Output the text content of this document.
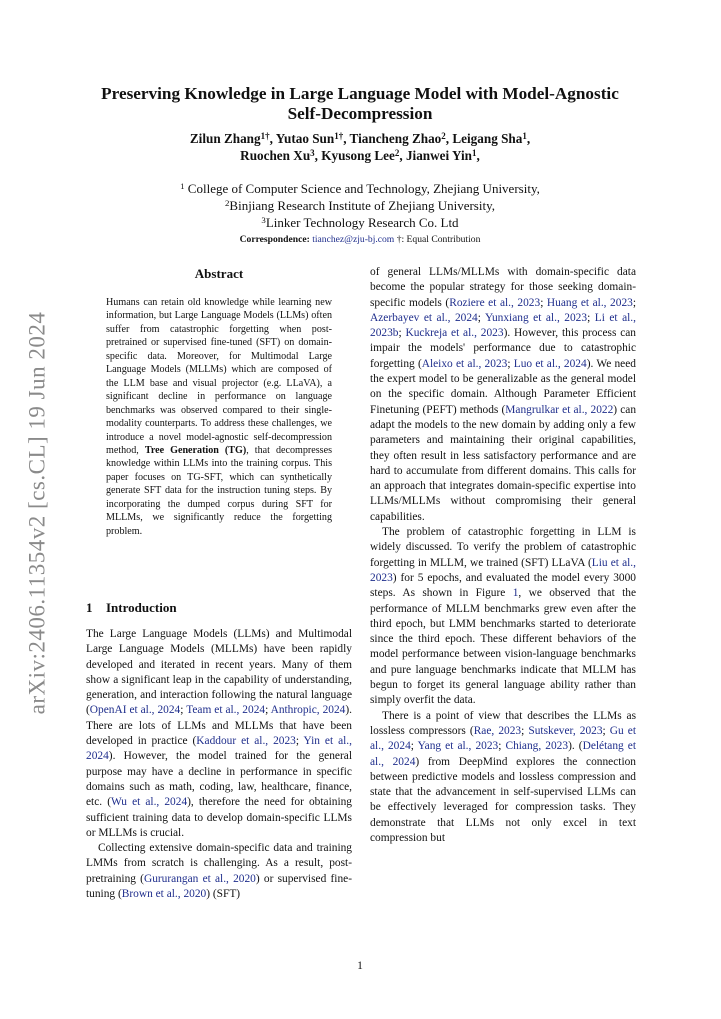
arXiv:2406.11354v2 [cs.CL] 19 Jun 2024
Preserving Knowledge in Large Language Model with Model-Agnostic
Self-Decompression
Zilun Zhang$^{1\dagger}$, Yutao Sun$^{1\dagger}$, Tiancheng Zhao$^2$, Leigang Sha$^1$,
Ruochen Xu$^3$, Kyusong Lee$^2$, Jianwei Yin$^1$,
$^1$ College of Computer Science and Technology, Zhejiang University,
$^2$Binjiang Research Institute of Zhejiang University,
$^3$Linker Technology Research Co. Ltd
Correspondence: tianchez@zju-bj.com †: Equal Contribution
Abstract
Humans can retain old knowledge while learning new information, but Large Language Models (LLMs) often suffer from catastrophic forgetting when post-pretrained or supervised fine-tuned (SFT) on domain-specific data. Moreover, for Multimodal Large Language Models (MLLMs) which are composed of the LLM base and visual projector (e.g. LLaVA), a significant decline in performance on language benchmarks was observed compared to their single-modality counterparts. To address these challenges, we introduce a novel model-agnostic self-decompression method, Tree Generation (TG), that decompresses knowledge within LLMs into the training corpus. This paper focuses on TG-SFT, which can synthetically generate SFT data for the instruction tuning steps. By incorporating the dumped corpus during SFT for MLLMs, we significantly reduce the forgetting problem.
1 Introduction

The Large Language Models (LLMs) and Multimodal Large Language Models (MLLMs) have been rapidly developed and iterated in recent years. Many of them show a significant leap in the capability of understanding, generation, and interaction following the natural language (OpenAI et al., 2024; Team et al., 2024; Anthropic, 2024). There are lots of LLMs and MLLMs that have been developed in practice (Kaddour et al., 2023; Yin et al., 2024). However, the model trained for the general purpose may have a decline in performance in specific domains such as math, coding, law, healthcare, finance, etc. (Wu et al., 2024), therefore the need for obtaining sufficient training data to develop domain-specific LLMs or MLLMs is crucial.

Collecting extensive domain-specific data and training LMMs from scratch is challenging. As a result, post-pretraining (Gururangan et al., 2020) or supervised fine-tuning (Brown et al., 2020) (SFT)

of general LLMs/MLLMs with domain-specific data become the popular strategy for those seeking domain-specific models (Roziere et al., 2023; Huang et al., 2023; Azerbayev et al., 2024; Yunxiang et al., 2023; Li et al., 2023b; Kuckreja et al., 2023). However, this process can impair the models' performance due to catastrophic forgetting (Aleixo et al., 2023; Luo et al., 2024). We need the expert model to be generalizable as the general model on the specific domain. Although Parameter Efficient Finetuning (PEFT) methods (Mangrulkar et al., 2022) can adapt the models to the new domain by adding only a few parameters and maintaining their original capabilities, they often result in less satisfactory performance and are hard to accumulate from different domains. This calls for an approach that integrates domain-specific expertise into LLMs/MLLMs without compromising their general capabilities.

The problem of catastrophic forgetting in LLM is widely discussed. To verify the problem of catastrophic forgetting in MLLM, we trained (SFT) LLaVA (Liu et al., 2023) for 5 epochs, and evaluated the model every 3000 steps. As shown in Figure 1, we observed that the performance of MLLM benchmarks grew even after the third epoch, but LMM benchmarks started to deteriorate since the third epoch. These different behaviors of the model performance between vision-language benchmarks and pure language benchmarks indicate that MLLM has begun to forget its general language ability rather than simply overfit the data.

There is a point of view that describes the LLMs as lossless compressors (Rae, 2023; Sutskever, 2023; Gu et al., 2024; Yang et al., 2023; Chiang, 2023). (Delétang et al., 2024) from DeepMind explores the connection between predictive models and lossless compression and state that the advancement in self-supervised LLMs can be effectively leveraged for compression tasks. They demonstrate that LLMs not only excel in text compression but

1
